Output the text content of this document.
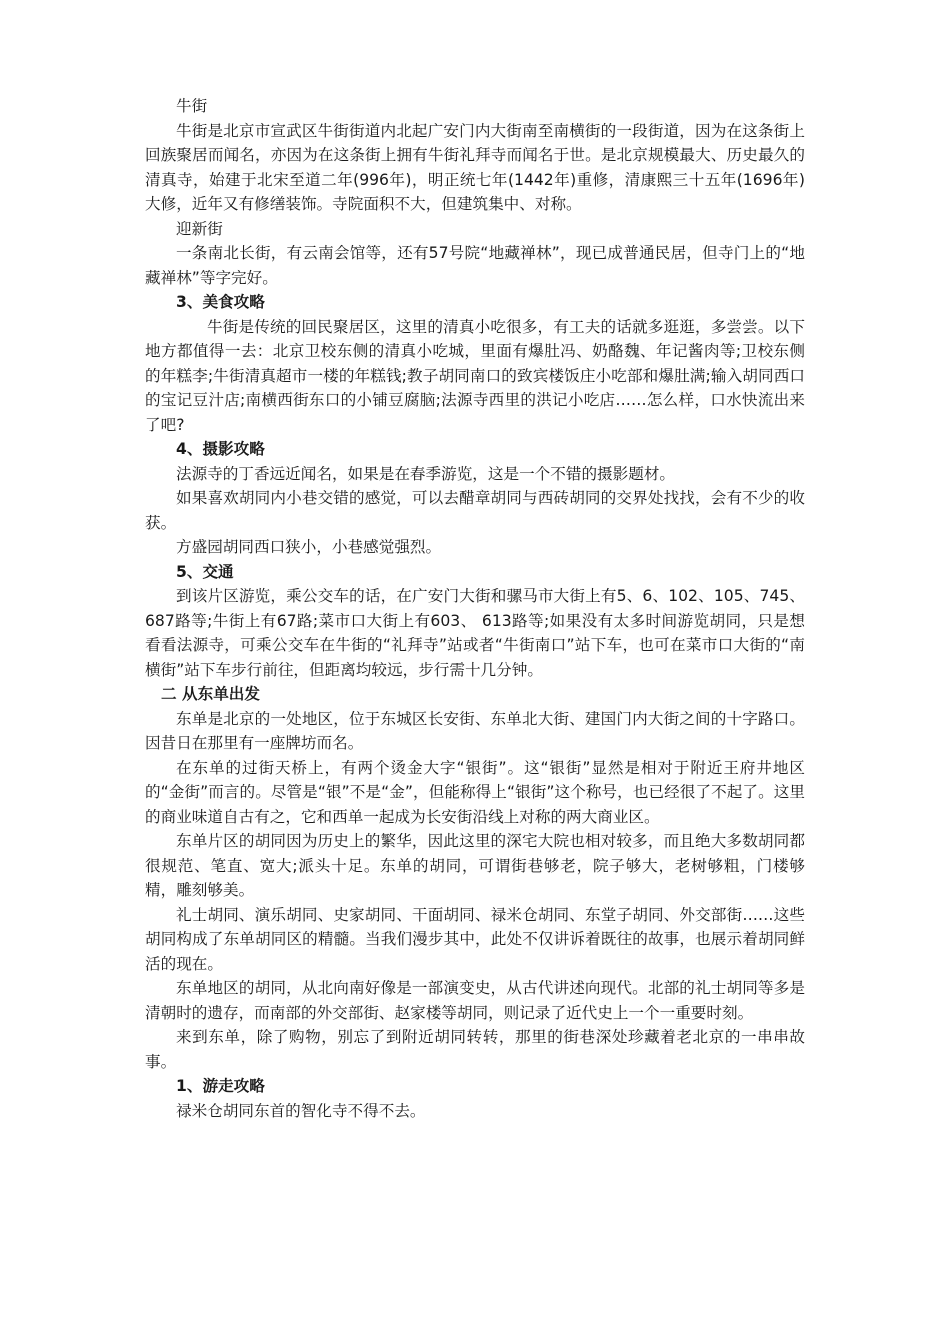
牛街

牛街是北京市宣武区牛街街道内北起广安门内大街南至南横街的一段街道，因为在这条街上回族聚居而闻名，亦因为在这条街上拥有牛街礼拜寺而闻名于世。是北京规模最大、历史最久的清真寺，始建于北宋至道二年(996年)，明正统七年(1442年)重修，清康熙三十五年(1696年)大修，近年又有修缮装饰。寺院面积不大，但建筑集中、对称。

迎新街

一条南北长街，有云南会馆等，还有57号院“地藏禅林”，现已成普通民居，但寺门上的“地藏禅林”等字完好。

3、美食攻略

牛街是传统的回民聚居区，这里的清真小吃很多，有工夫的话就多逛逛，多尝尝。以下地方都值得一去：北京卫校东侧的清真小吃城，里面有爆肚冯、奶酪魏、年记酱肉等;卫校东侧的年糕李;牛街清真超市一楼的年糕钱;教子胡同南口的致宾楼饭庄小吃部和爆肚满;输入胡同西口的宝记豆汁店;南横西街东口的小铺豆腐脑;法源寺西里的洪记小吃店……怎么样，口水快流出来了吧?

4、摄影攻略

法源寺的丁香远近闻名，如果是在春季游览，这是一个不错的摄影题材。

如果喜欢胡同内小巷交错的感觉，可以去醋章胡同与西砖胡同的交界处找找，会有不少的收获。

方盛园胡同西口狭小，小巷感觉强烈。

5、交通

到该片区游览，乘公交车的话，在广安门大街和骡马市大街上有5、6、102、105、745、687路等;牛街上有67路;菜市口大街上有603、 613路等;如果没有太多时间游览胡同，只是想看看法源寺，可乘公交车在牛街的“礼拜寺”站或者“牛街南口”站下车，也可在菜市口大街的“南横街”站下车步行前往，但距离均较远，步行需十几分钟。

二 从东单出发

东单是北京的一处地区，位于东城区长安街、东单北大街、建国门内大街之间的十字路口。因昔日在那里有一座牌坊而名。

在东单的过街天桥上，有两个烫金大字“银街”。这“银街”显然是相对于附近王府井地区的“金街”而言的。尽管是“银”不是“金”，但能称得上“银街”这个称号，也已经很了不起了。这里的商业味道自古有之，它和西单一起成为长安街沿线上对称的两大商业区。

东单片区的胡同因为历史上的繁华，因此这里的深宅大院也相对较多，而且绝大多数胡同都很规范、笔直、宽大;派头十足。东单的胡同，可谓街巷够老，院子够大，老树够粗，门楼够精，雕刻够美。

礼士胡同、演乐胡同、史家胡同、干面胡同、禄米仓胡同、东堂子胡同、外交部街……这些胡同构成了东单胡同区的精髓。当我们漫步其中，此处不仅讲诉着既往的故事，也展示着胡同鲜活的现在。

东单地区的胡同，从北向南好像是一部演变史，从古代讲述向现代。北部的礼士胡同等多是清朝时的遗存，而南部的外交部街、赵家楼等胡同，则记录了近代史上一个一重要时刻。

来到东单，除了购物，别忘了到附近胡同转转，那里的街巷深处珍藏着老北京的一串串故事。

1、游走攻略

禄米仓胡同东首的智化寺不得不去。
